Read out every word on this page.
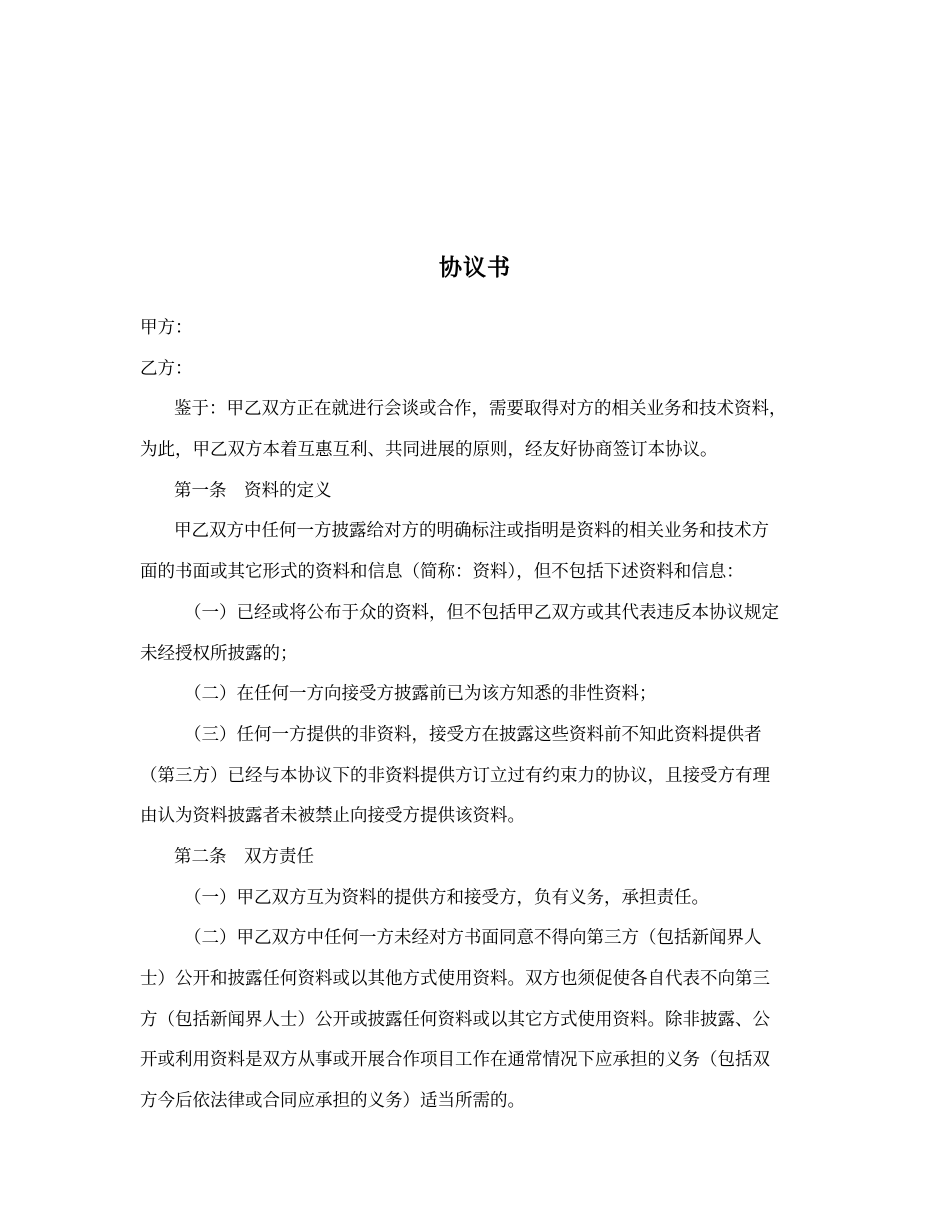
协议书
甲方：
乙方：
鉴于：甲乙双方正在就进行会谈或合作，需要取得对方的相关业务和技术资料，
为此，甲乙双方本着互惠互利、共同进展的原则，经友好协商签订本协议。
第一条　资料的定义
甲乙双方中任何一方披露给对方的明确标注或指明是资料的相关业务和技术方
面的书面或其它形式的资料和信息（简称：资料），但不包括下述资料和信息：
（一）已经或将公布于众的资料，但不包括甲乙双方或其代表违反本协议规定
未经授权所披露的；
（二）在任何一方向接受方披露前已为该方知悉的非性资料；
（三）任何一方提供的非资料，接受方在披露这些资料前不知此资料提供者
（第三方）已经与本协议下的非资料提供方订立过有约束力的协议，且接受方有理
由认为资料披露者未被禁止向接受方提供该资料。
第二条　双方责任
（一）甲乙双方互为资料的提供方和接受方，负有义务，承担责任。
（二）甲乙双方中任何一方未经对方书面同意不得向第三方（包括新闻界人
士）公开和披露任何资料或以其他方式使用资料。双方也须促使各自代表不向第三
方（包括新闻界人士）公开或披露任何资料或以其它方式使用资料。除非披露、公
开或利用资料是双方从事或开展合作项目工作在通常情况下应承担的义务（包括双
方今后依法律或合同应承担的义务）适当所需的。
